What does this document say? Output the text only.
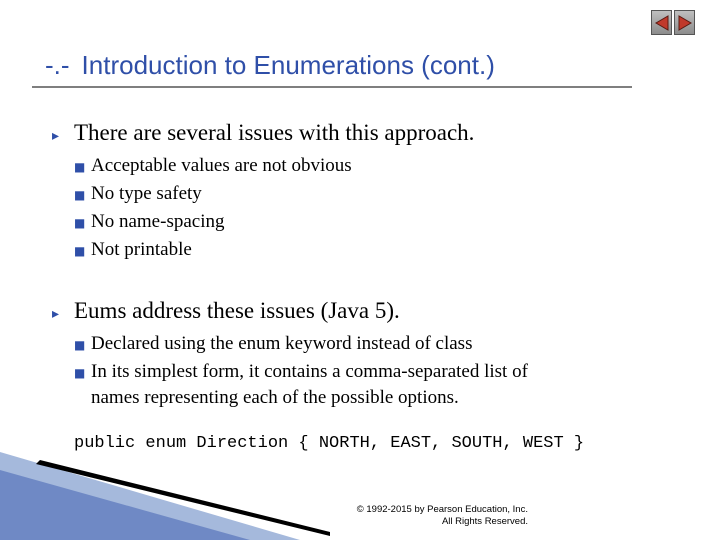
-.- Introduction to Enumerations (cont.)
▸ There are several issues with this approach.
■ Acceptable values are not obvious
■ No type safety
■ No name-spacing
■ Not printable
▸ Eums address these issues (Java 5).
■ Declared using the enum keyword instead of class
■ In its simplest form, it contains a comma-separated list of
names representing each of the possible options.
public enum Direction { NORTH, EAST, SOUTH, WEST }
© 1992-2015 by Pearson Education, Inc.
All Rights Reserved.
